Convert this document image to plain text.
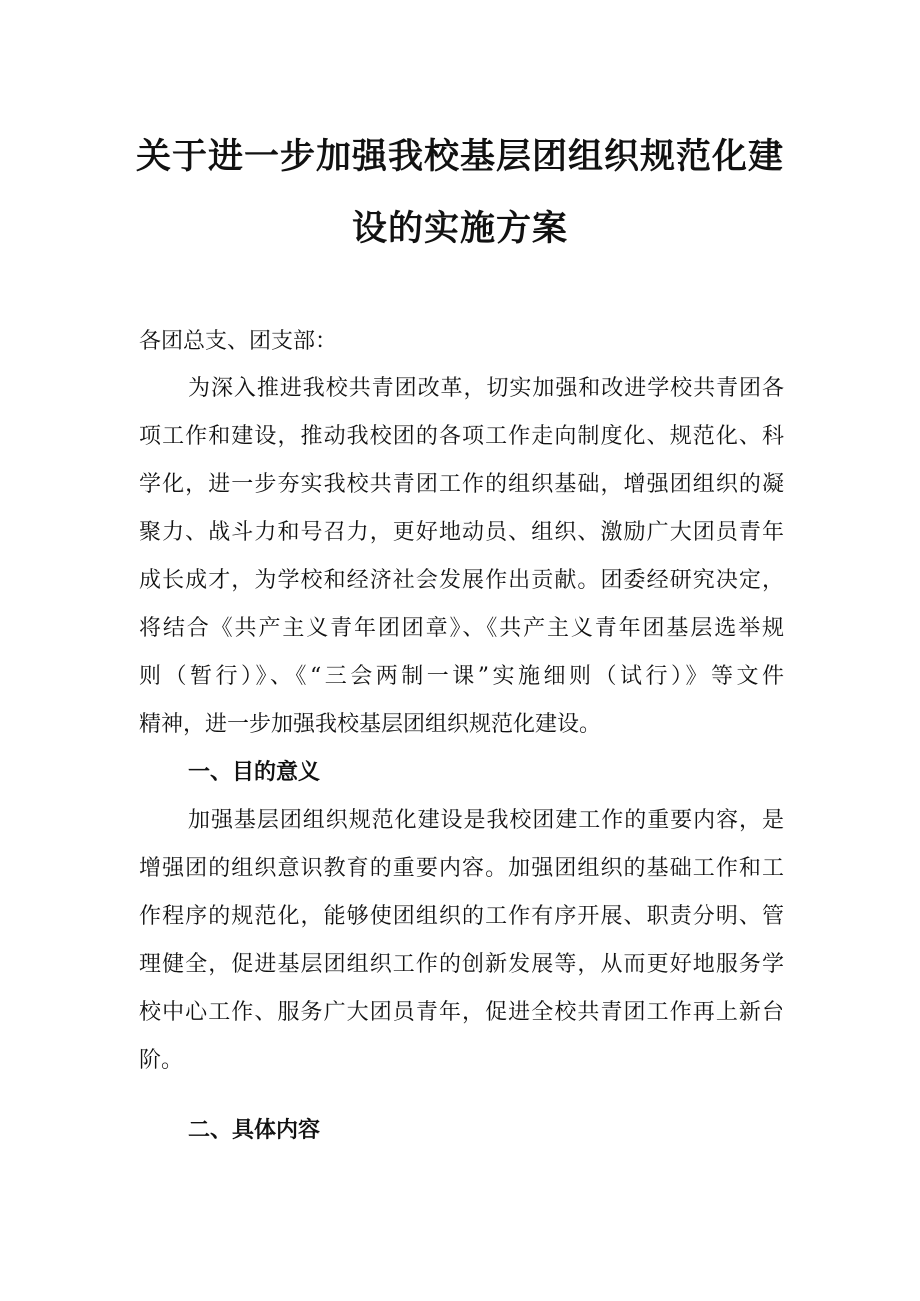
关于进一步加强我校基层团组织规范化建
设的实施方案
各团总支、团支部：
为深入推进我校共青团改革，切实加强和改进学校共青团各
项工作和建设，推动我校团的各项工作走向制度化、规范化、科
学化，进一步夯实我校共青团工作的组织基础，增强团组织的凝
聚力、战斗力和号召力，更好地动员、组织、激励广大团员青年
成长成才，为学校和经济社会发展作出贡献。团委经研究决定，
将结合《共产主义青年团团章》、《共产主义青年团基层选举规
则（暂行）》、《“三会两制一课”实施细则（试行）》等文件
精神，进一步加强我校基层团组织规范化建设。
一、目的意义
加强基层团组织规范化建设是我校团建工作的重要内容，是
增强团的组织意识教育的重要内容。加强团组织的基础工作和工
作程序的规范化，能够使团组织的工作有序开展、职责分明、管
理健全，促进基层团组织工作的创新发展等，从而更好地服务学
校中心工作、服务广大团员青年，促进全校共青团工作再上新台
阶。
二、具体内容
